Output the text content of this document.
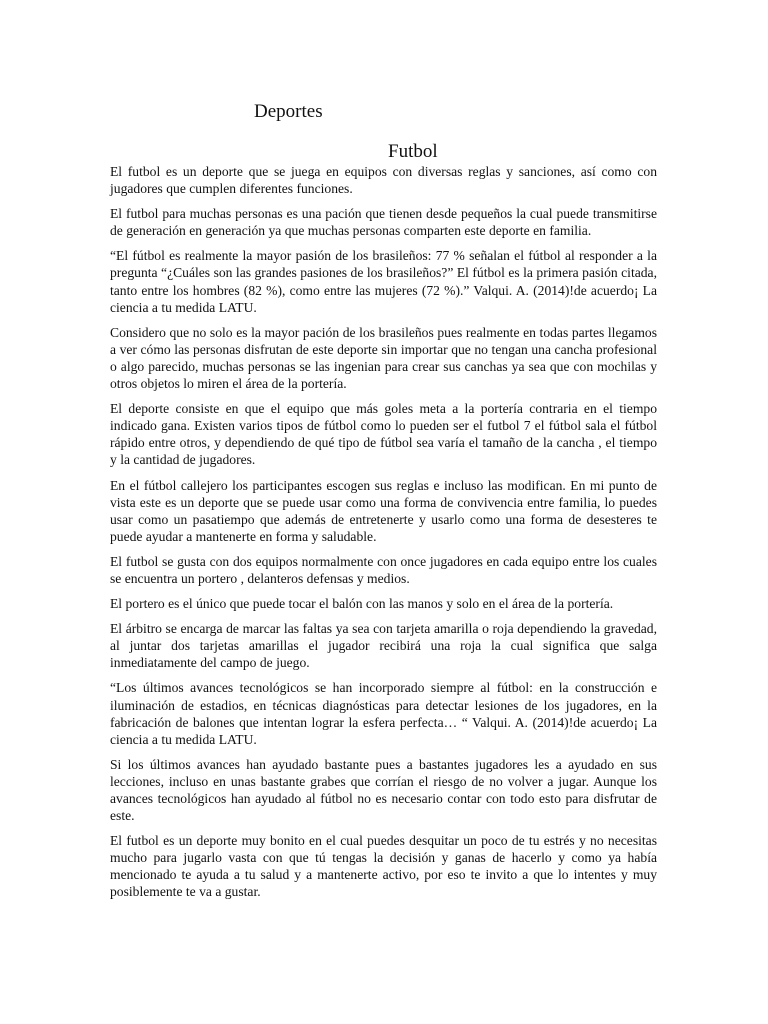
Deportes
Futbol

El futbol es un deporte que se juega en equipos con diversas reglas y sanciones, así como con jugadores que cumplen diferentes funciones.

El futbol para muchas personas es una pación que tienen desde pequeños la cual puede transmitirse de generación en generación ya que muchas personas comparten este deporte en familia.

“El fútbol es realmente la mayor pasión de los brasileños: 77 % señalan el fútbol al responder a la pregunta “¿Cuáles son las grandes pasiones de los brasileños?” El fútbol es la primera pasión citada, tanto entre los hombres (82 %), como entre las mujeres (72 %).” Valqui. A. (2014)!de acuerdo¡ La ciencia a tu medida LATU.

Considero que no solo es la mayor pación de los brasileños pues realmente en todas partes llegamos a ver cómo las personas disfrutan de este deporte sin importar que no tengan una cancha profesional o algo parecido, muchas personas se las ingenian para crear sus canchas ya sea que con mochilas y otros objetos lo miren el área de la portería.

El deporte consiste en que el equipo que más goles meta a la portería contraria en el tiempo indicado gana. Existen varios tipos de fútbol como lo pueden ser el futbol 7 el fútbol sala el fútbol rápido entre otros, y dependiendo de qué tipo de fútbol sea varía el tamaño de la cancha , el tiempo y la cantidad de jugadores.

En el fútbol callejero los participantes escogen sus reglas e incluso las modifican. En mi punto de vista este es un deporte que se puede usar como una forma de convivencia entre familia, lo puedes usar como un pasatiempo que además de entretenerte y usarlo como una forma de desesteres te puede ayudar a mantenerte en forma y saludable.

El futbol se gusta con dos equipos normalmente con once jugadores en cada equipo entre los cuales se encuentra un portero , delanteros defensas y medios.

El portero es el único que puede tocar el balón con las manos y solo en el área de la portería.

El árbitro se encarga de marcar las faltas ya sea con tarjeta amarilla o roja dependiendo la gravedad, al juntar dos tarjetas amarillas el jugador recibirá una roja la cual significa que salga inmediatamente del campo de juego.

“Los últimos avances tecnológicos se han incorporado siempre al fútbol: en la construcción e iluminación de estadios, en técnicas diagnósticas para detectar lesiones de los jugadores, en la fabricación de balones que intentan lograr la esfera perfecta… “ Valqui. A. (2014)!de acuerdo¡ La ciencia a tu medida LATU.

Si los últimos avances han ayudado bastante pues a bastantes jugadores les a ayudado en sus lecciones, incluso en unas bastante grabes que corrían el riesgo de no volver a jugar. Aunque los avances tecnológicos han ayudado al fútbol no es necesario contar con todo esto para disfrutar de este.

El futbol es un deporte muy bonito en el cual puedes desquitar un poco de tu estrés y no necesitas mucho para jugarlo vasta con que tú tengas la decisión y ganas de hacerlo y como ya había mencionado te ayuda a tu salud y a mantenerte activo, por eso te invito a que lo intentes y muy posiblemente te va a gustar.
